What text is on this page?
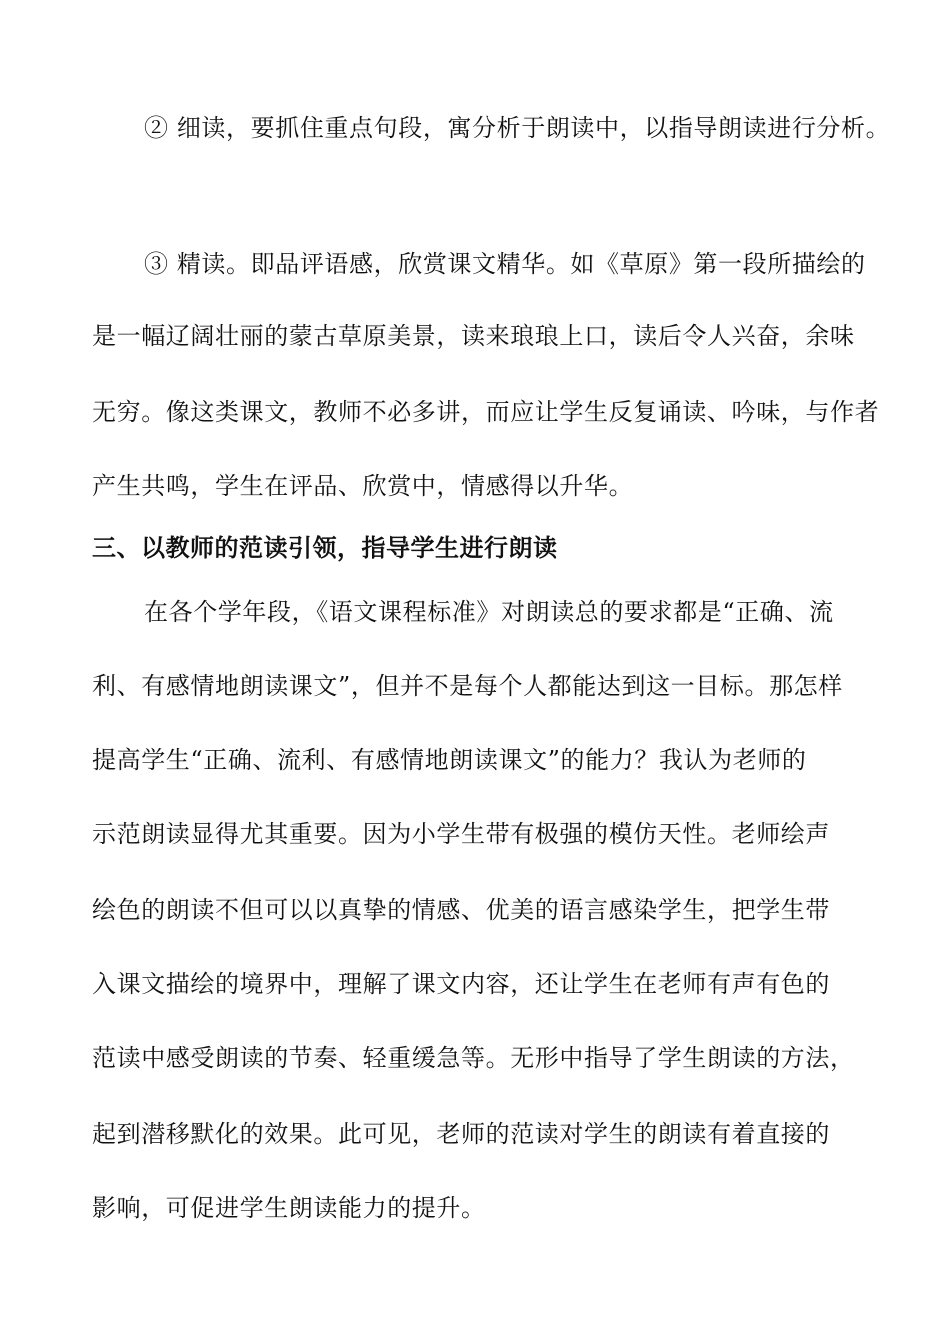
② 细读，要抓住重点句段，寓分析于朗读中，以指导朗读进行分析。
③ 精读。即品评语感，欣赏课文精华。如《草原》第一段所描绘的
是一幅辽阔壮丽的蒙古草原美景，读来琅琅上口，读后令人兴奋，余味
无穷。像这类课文，教师不必多讲，而应让学生反复诵读、吟味，与作者
产生共鸣，学生在评品、欣赏中，情感得以升华。
三、以教师的范读引领，指导学生进行朗读
在各个学年段，《语文课程标准》对朗读总的要求都是“正确、流
利、有感情地朗读课文”，但并不是每个人都能达到这一目标。那怎样
提高学生“正确、流利、有感情地朗读课文”的能力？我认为老师的
示范朗读显得尤其重要。因为小学生带有极强的模仿天性。老师绘声
绘色的朗读不但可以以真挚的情感、优美的语言感染学生，把学生带
入课文描绘的境界中，理解了课文内容，还让学生在老师有声有色的
范读中感受朗读的节奏、轻重缓急等。无形中指导了学生朗读的方法，
起到潜移默化的效果。此可见，老师的范读对学生的朗读有着直接的
影响，可促进学生朗读能力的提升。
